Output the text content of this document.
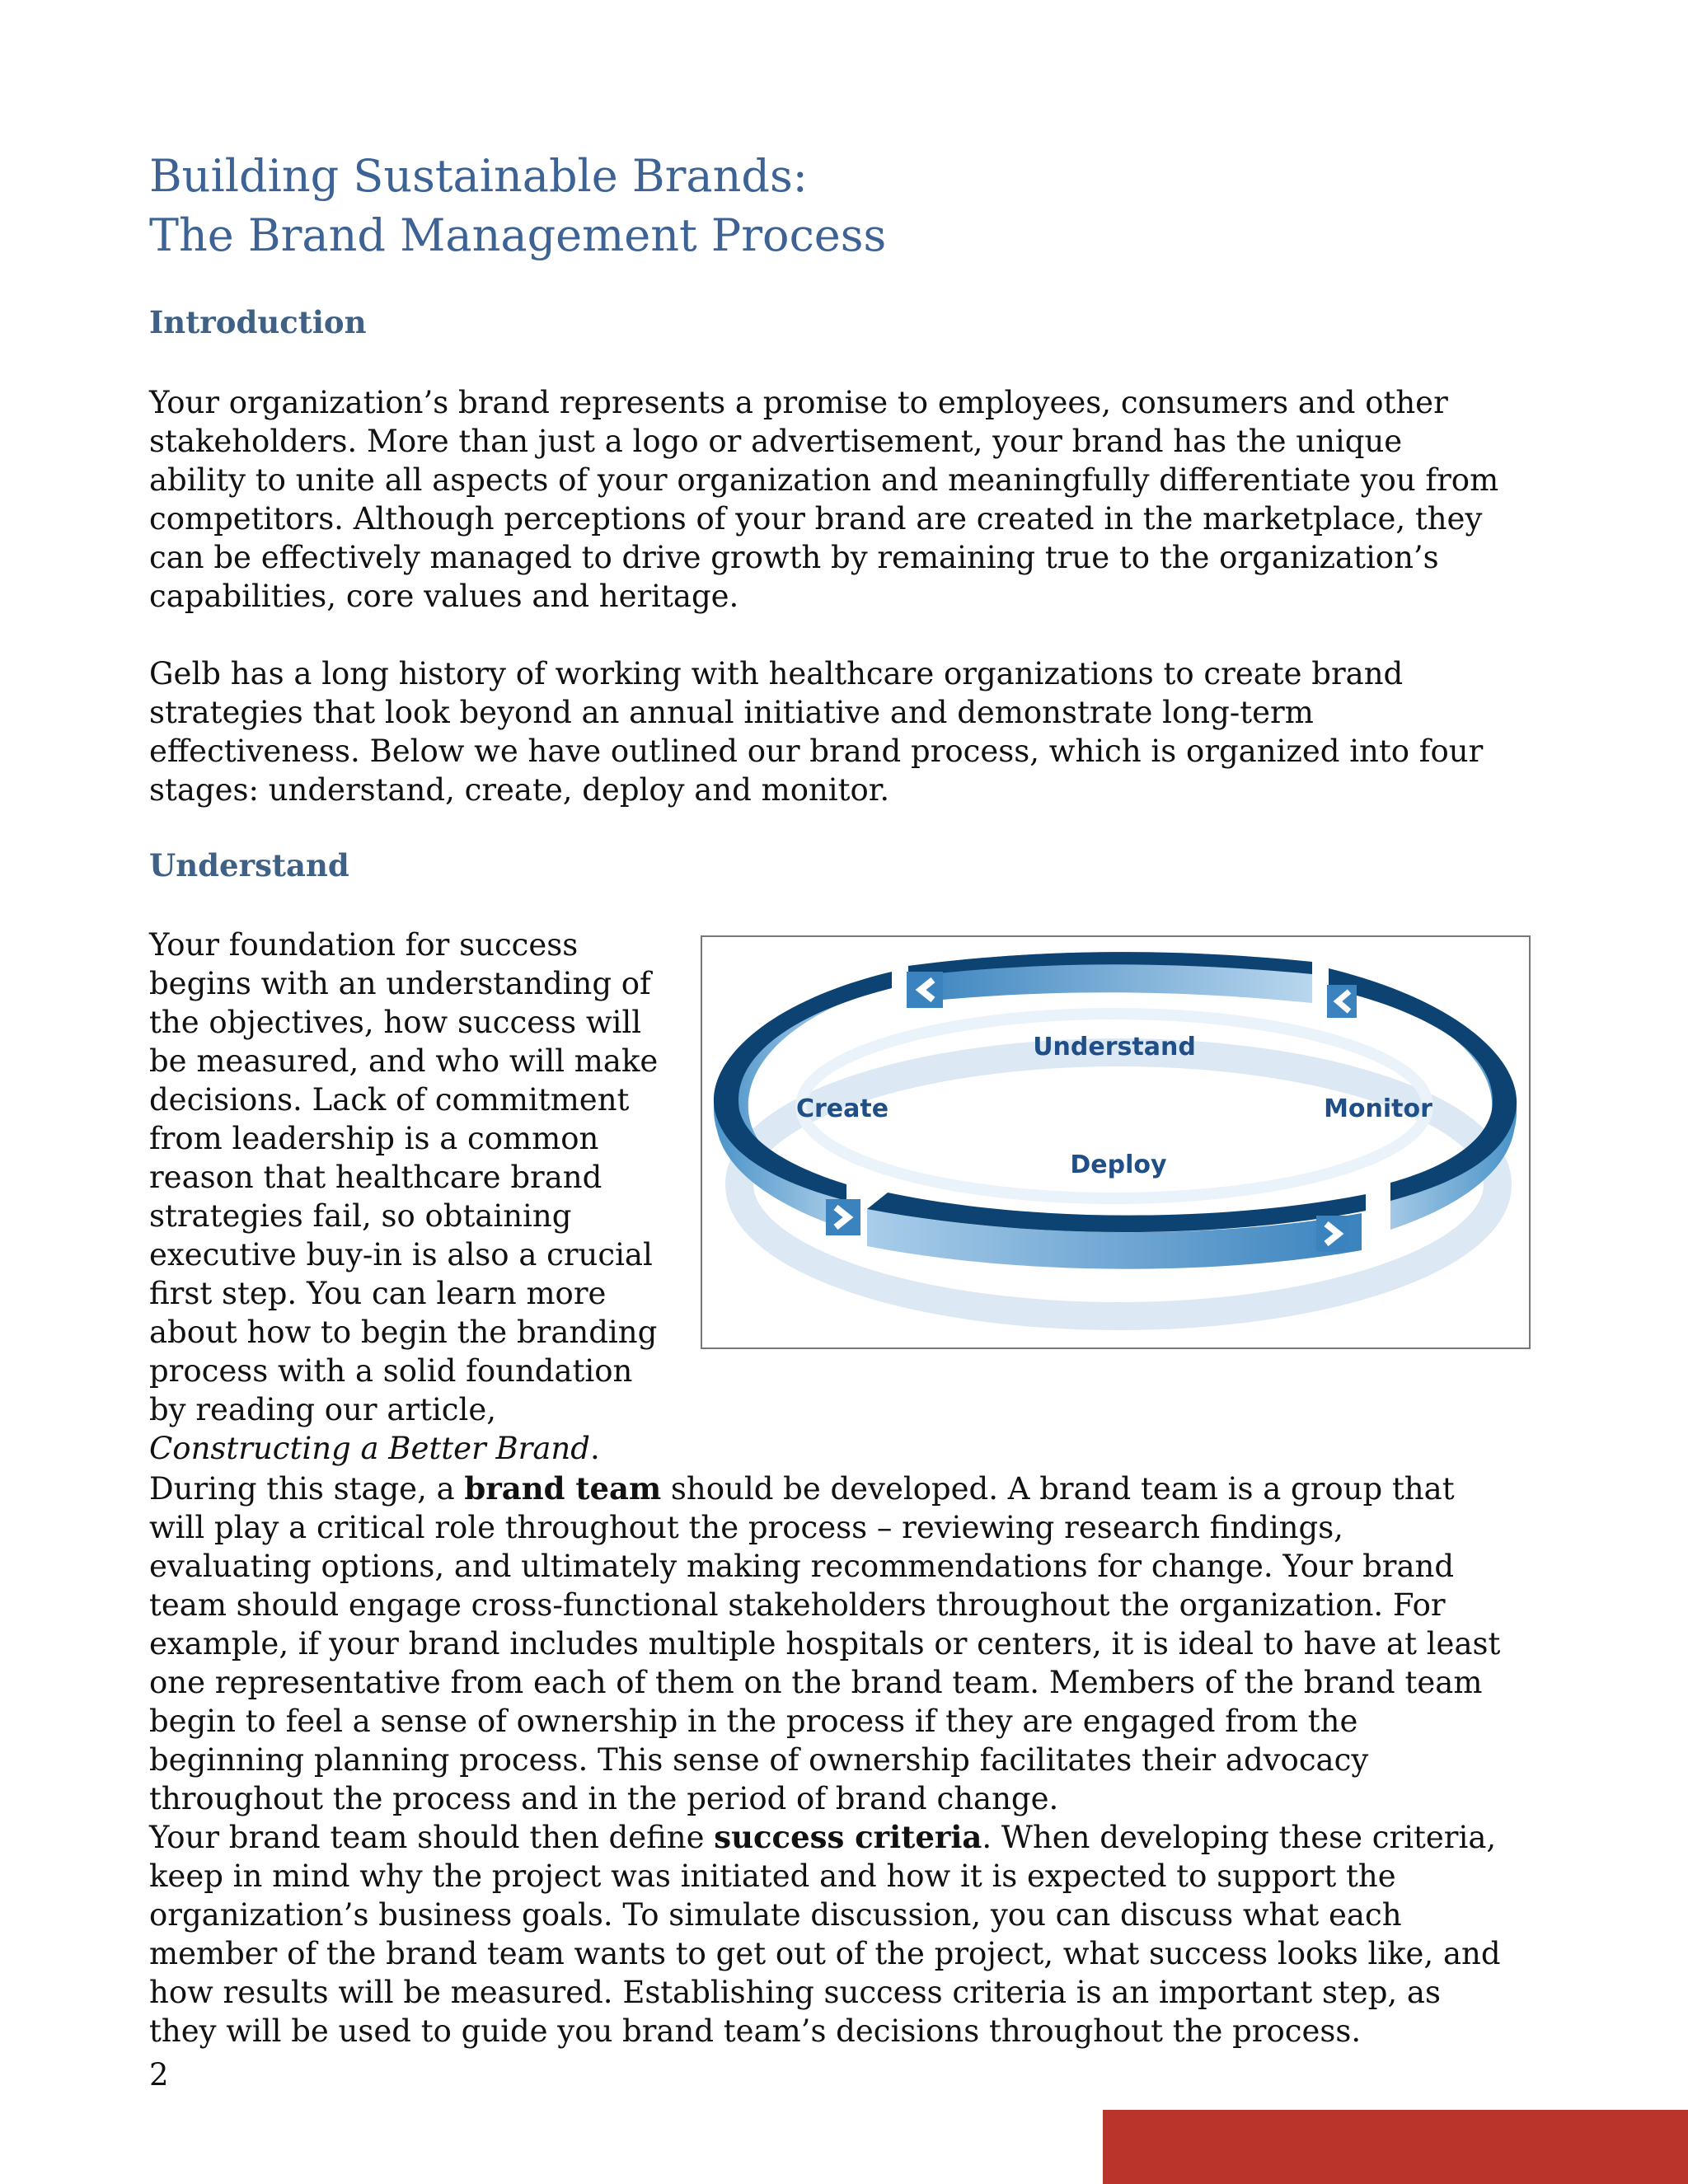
Building Sustainable Brands:
The Brand Management Process
Introduction

Your organization’s brand represents a promise to employees, consumers and other stakeholders. More than just a logo or advertisement, your brand has the unique ability to unite all aspects of your organization and meaningfully differentiate you from competitors. Although perceptions of your brand are created in the marketplace, they can be effectively managed to drive growth by remaining true to the organization’s capabilities, core values and heritage.

Gelb has a long history of working with healthcare organizations to create brand strategies that look beyond an annual initiative and demonstrate long-term effectiveness. Below we have outlined our brand process, which is organized into four stages: understand, create, deploy and monitor.

Understand

Your foundation for success begins with an understanding of the objectives, how success will be measured, and who will make decisions. Lack of commitment from leadership is a common reason that healthcare brand strategies fail, so obtaining executive buy-in is also a crucial first step. You can learn more about how to begin the branding process with a solid foundation by reading our article, Constructing a Better Brand.

Understand
Create	Monitor
Deploy

During this stage, a brand team should be developed. A brand team is a group that will play a critical role throughout the process – reviewing research findings, evaluating options, and ultimately making recommendations for change. Your brand team should engage cross-functional stakeholders throughout the organization. For example, if your brand includes multiple hospitals or centers, it is ideal to have at least one representative from each of them on the brand team. Members of the brand team begin to feel a sense of ownership in the process if they are engaged from the beginning planning process. This sense of ownership facilitates their advocacy throughout the process and in the period of brand change.

Your brand team should then define success criteria. When developing these criteria, keep in mind why the project was initiated and how it is expected to support the organization’s business goals. To simulate discussion, you can discuss what each member of the brand team wants to get out of the project, what success looks like, and how results will be measured. Establishing success criteria is an important step, as they will be used to guide you brand team’s decisions throughout the process.

2
